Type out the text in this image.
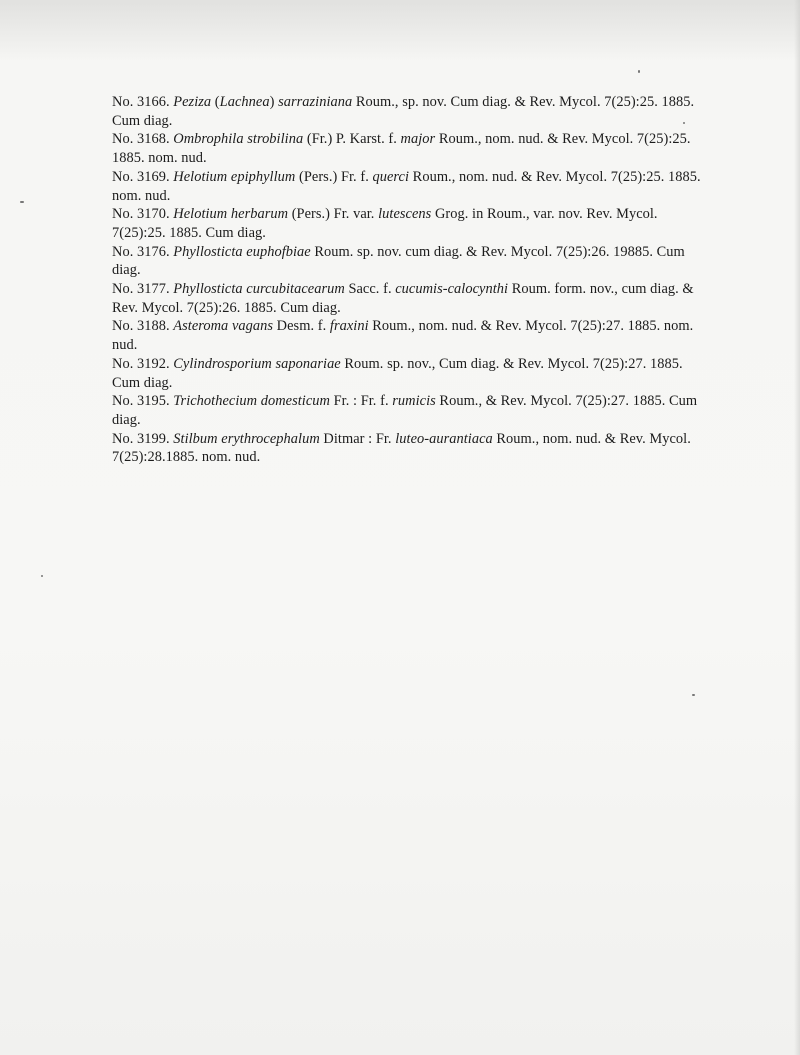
No. 3166. Peziza (Lachnea) sarraziniana Roum., sp. nov. Cum diag. & Rev. Mycol. 7(25):25. 1885. Cum diag.
No. 3168. Ombrophila strobilina (Fr.) P. Karst. f. major Roum., nom. nud. & Rev. Mycol. 7(25):25. 1885. nom. nud.
No. 3169. Helotium epiphyllum (Pers.) Fr. f. querci Roum., nom. nud. & Rev. Mycol. 7(25):25. 1885. nom. nud.
No. 3170. Helotium herbarum (Pers.) Fr. var. lutescens Grog. in Roum., var. nov. Rev. Mycol. 7(25):25. 1885. Cum diag.
No. 3176. Phyllosticta euphofbiae Roum. sp. nov. cum diag. & Rev. Mycol. 7(25):26. 19885. Cum diag.
No. 3177. Phyllosticta curcubitacearum Sacc. f. cucumis-calocynthi Roum. form. nov., cum diag. & Rev. Mycol. 7(25):26. 1885. Cum diag.
No. 3188. Asteroma vagans Desm. f. fraxini Roum., nom. nud. & Rev. Mycol. 7(25):27. 1885. nom. nud.
No. 3192. Cylindrosporium saponariae Roum. sp. nov., Cum diag. & Rev. Mycol. 7(25):27. 1885. Cum diag.
No. 3195. Trichothecium domesticum Fr. : Fr. f. rumicis Roum., & Rev. Mycol. 7(25):27. 1885. Cum diag.
No. 3199. Stilbum erythrocephalum Ditmar : Fr. luteo-aurantiaca Roum., nom. nud. & Rev. Mycol. 7(25):28.1885. nom. nud.
